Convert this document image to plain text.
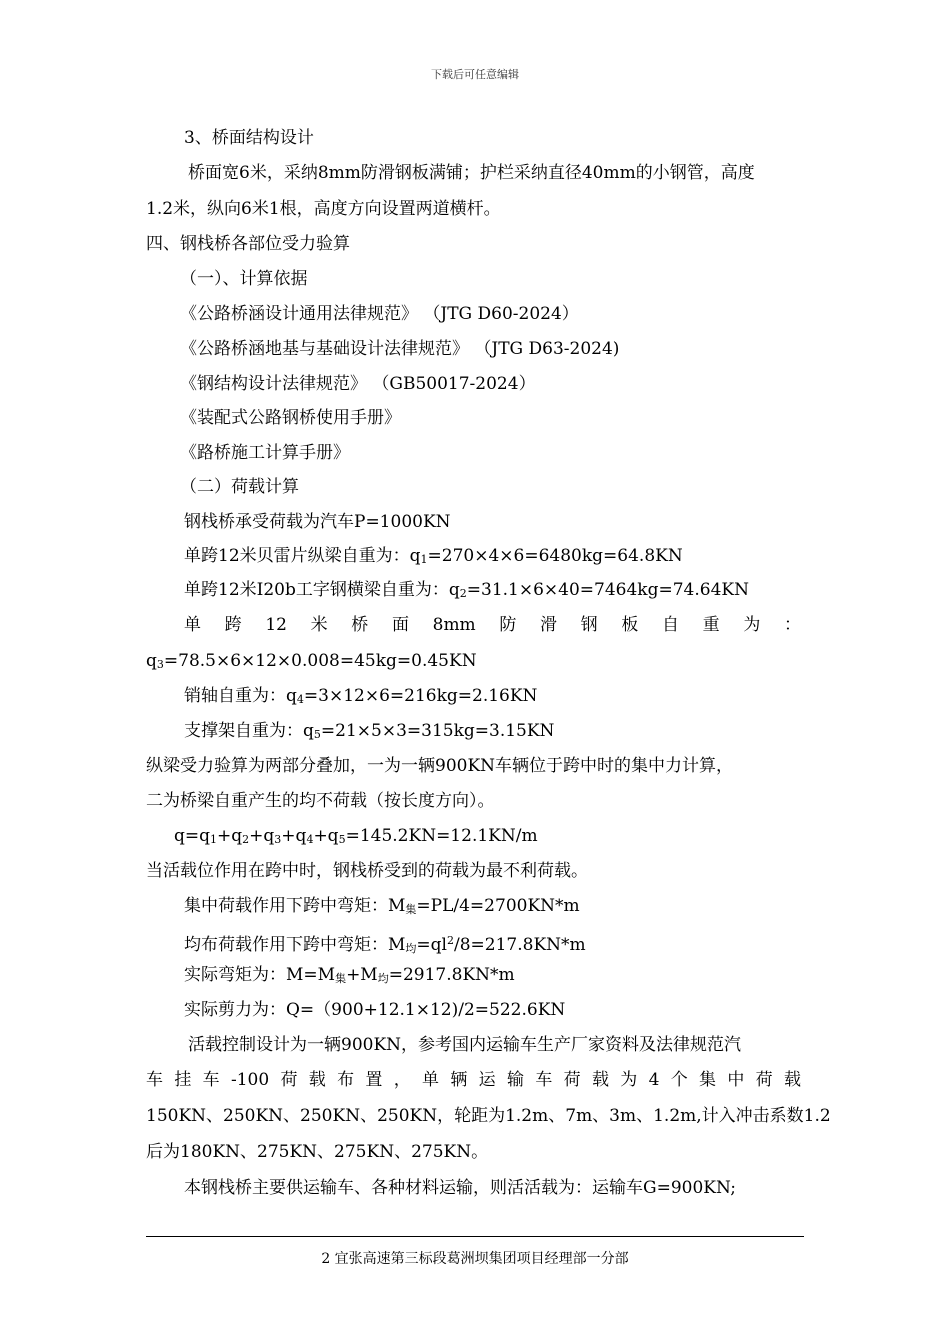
下载后可任意编辑
3、桥面结构设计
桥面宽6米，采纳8mm防滑钢板满铺；护栏采纳直径40mm的小钢管，高度
1.2米，纵向6米1根，高度方向设置两道横杆。
四、钢栈桥各部位受力验算
（一）、计算依据
《公路桥涵设计通用法律规范》 （JTG D60-2024）
《公路桥涵地基与基础设计法律规范》 （JTG D63-2024)
《钢结构设计法律规范》 （GB50017-2024）
《装配式公路钢桥使用手册》
《路桥施工计算手册》
（二）荷载计算
钢栈桥承受荷载为汽车P=1000KN
单跨12米贝雷片纵梁自重为：$q_1=270\times 4\times 6=6480kg=64.8KN$
单跨12米I20b工字钢横梁自重为：$q_2=31.1\times 6\times 40=7464kg=74.64KN$
单跨12米桥面8mm防滑钢板自重为：
$q_3=78.5\times 6\times 12\times 0.008=45kg=0.45KN$
销轴自重为：$q_4=3\times 12\times 6=216kg=2.16KN$
支撑架自重为：$q_5=21\times 5\times 3=315kg=3.15KN$
纵梁受力验算为两部分叠加，一为一辆900KN车辆位于跨中时的集中力计算，
二为桥梁自重产生的均不荷载（按长度方向）。
$q=q_1+q_2+q_3+q_4+q_5=145.2KN=12.1KN/m$
当活载位作用在跨中时，钢栈桥受到的荷载为最不利荷载。
集中荷载作用下跨中弯矩：$M_集=PL/4=2700KN*m$
均布荷载作用下跨中弯矩：$M_均=ql^2/8=217.8KN*m$
实际弯矩为：$M=M_集+M_均=2917.8KN*m$
实际剪力为：Q=（900+12.1×12)/2=522.6KN
活载控制设计为一辆900KN，参考国内运输车生产厂家资料及法律规范汽
车挂车-100荷载布置，单辆运输车荷载为4个集中荷载
150KN、250KN、250KN、250KN，轮距为1.2m、7m、3m、1.2m,计入冲击系数1.2
后为180KN、275KN、275KN、275KN。
本钢栈桥主要供运输车、各种材料运输，则活活载为：运输车G=900KN;
2 宜张高速第三标段葛洲坝集团项目经理部一分部
